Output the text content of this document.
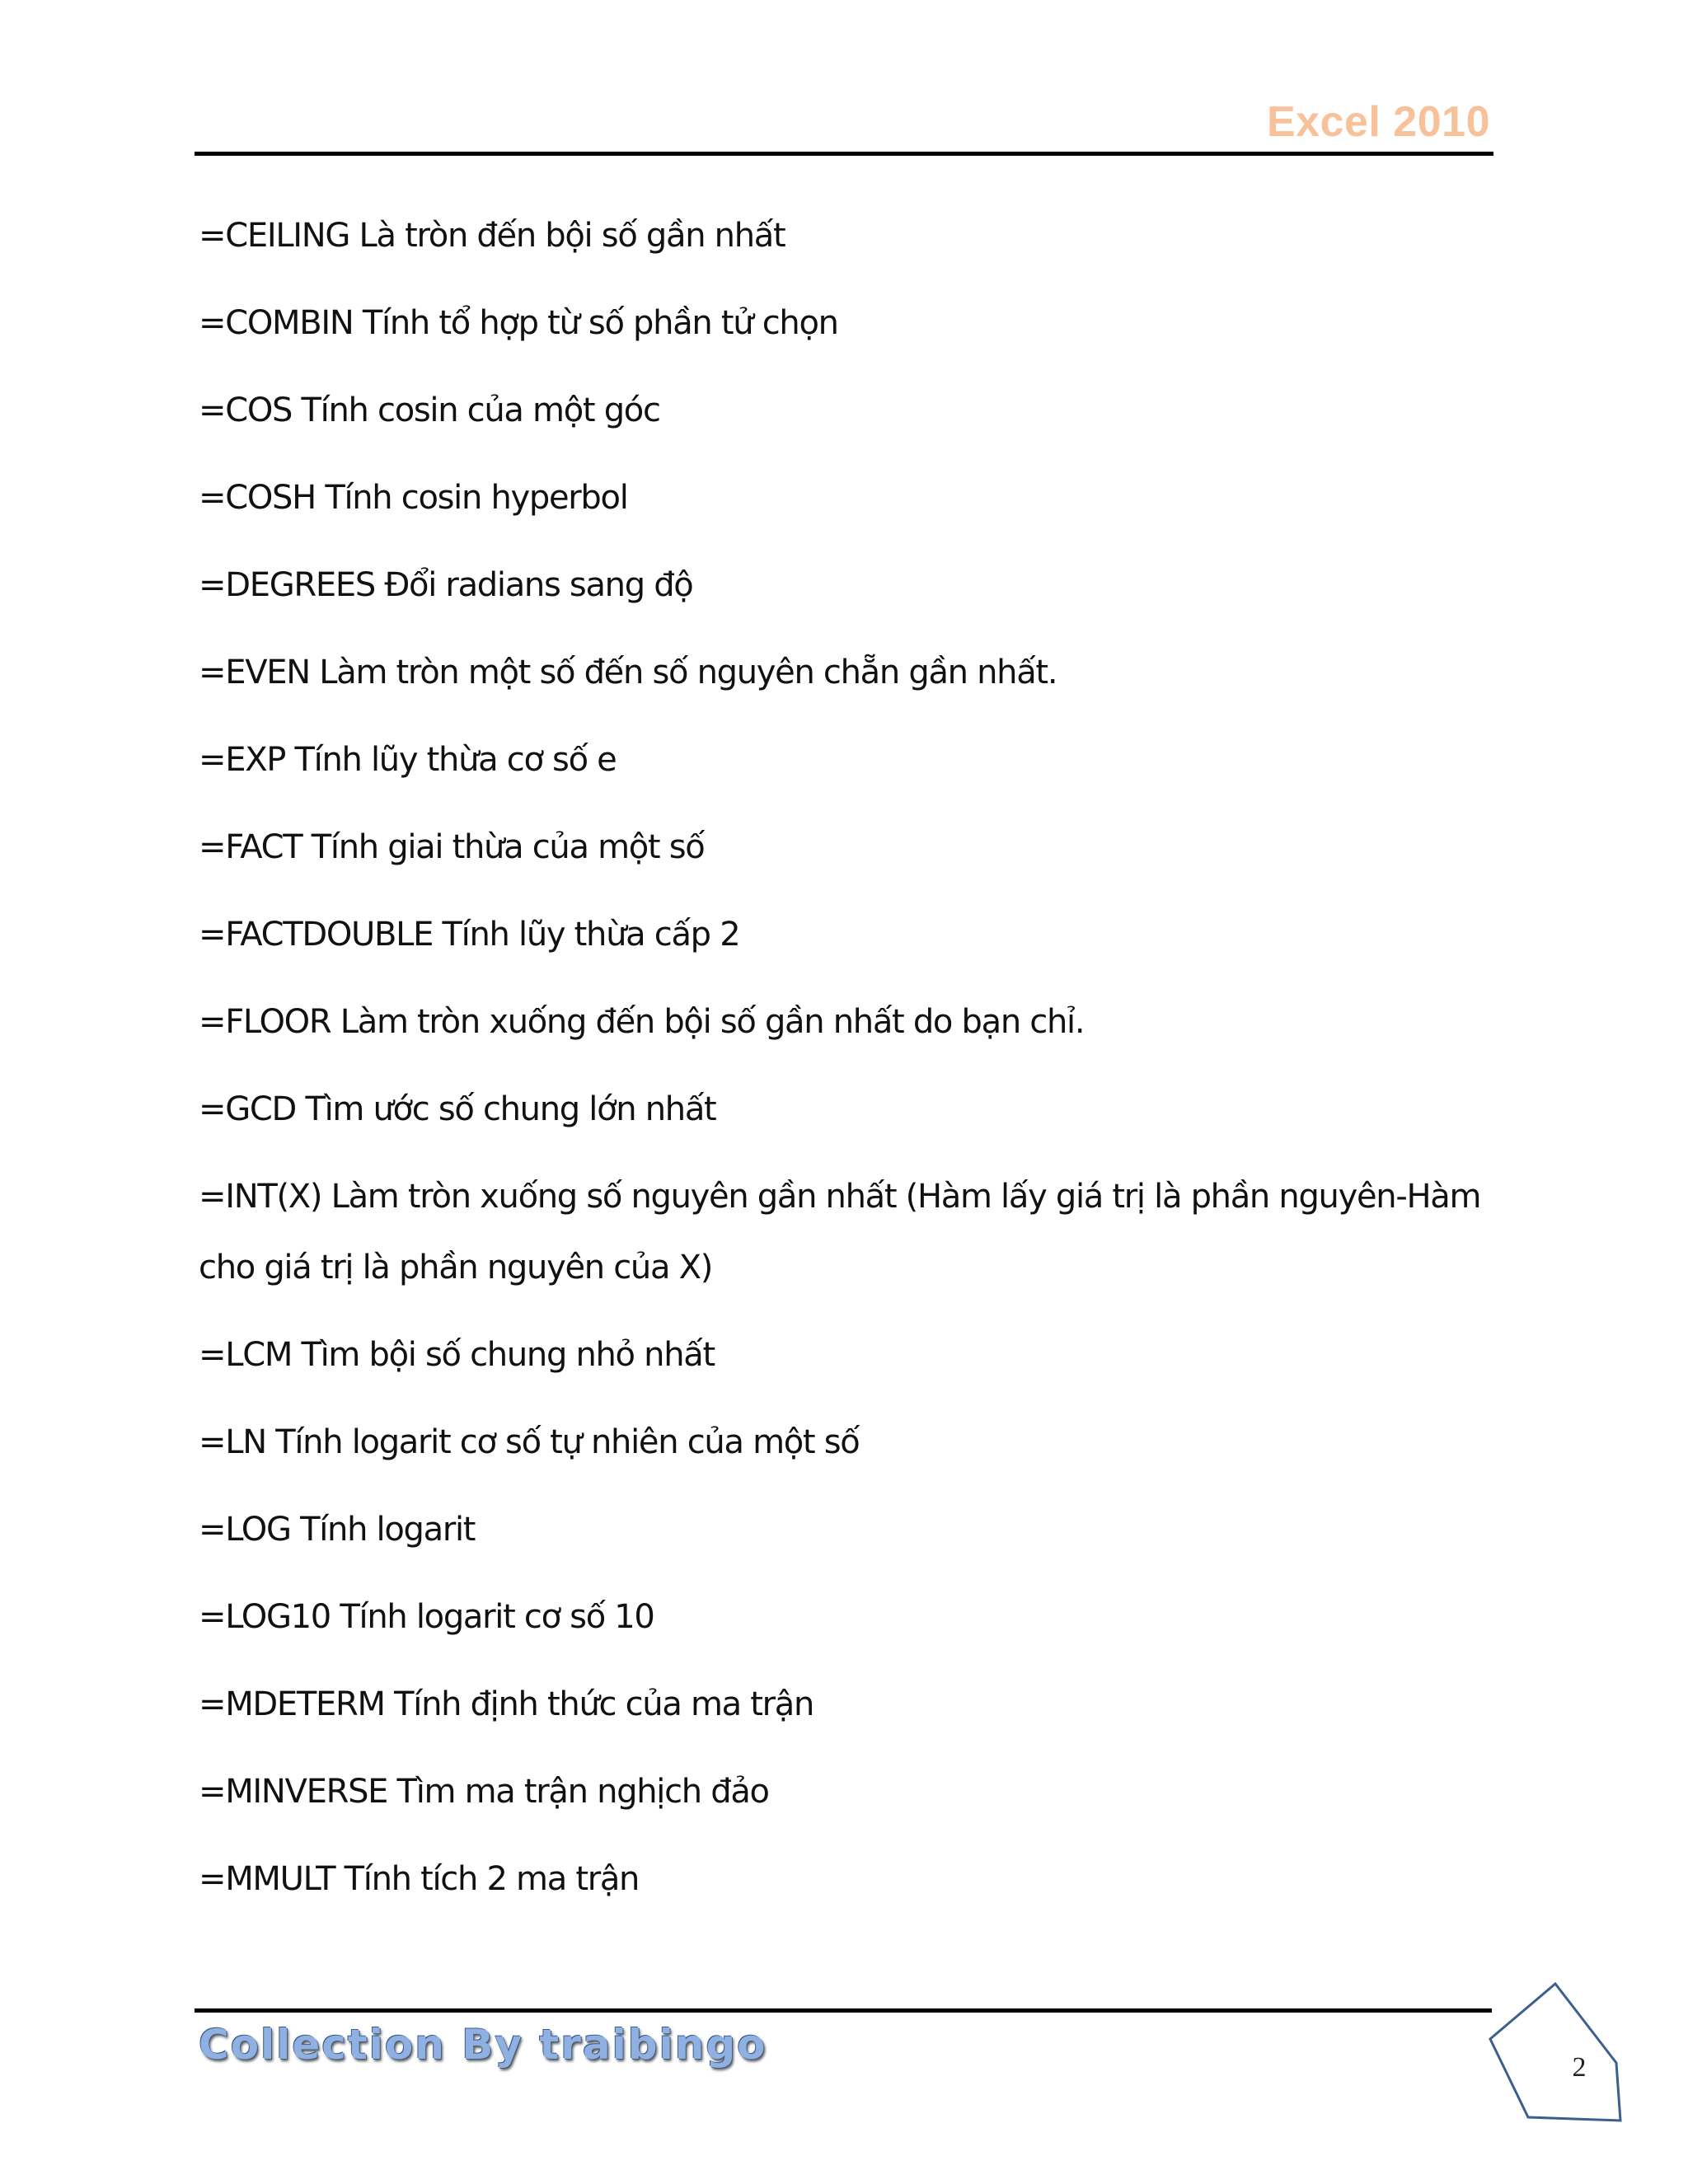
Excel 2010
=CEILING Là tròn đến bội số gần nhất
=COMBIN Tính tổ hợp từ số phần tử chọn
=COS Tính cosin của một góc
=COSH Tính cosin hyperbol
=DEGREES Đổi radians sang độ
=EVEN Làm tròn một số đến số nguyên chẵn gần nhất.
=EXP Tính lũy thừa cơ số e
=FACT Tính giai thừa của một số
=FACTDOUBLE Tính lũy thừa cấp 2
=FLOOR Làm tròn xuống đến bội số gần nhất do bạn chỉ.
=GCD Tìm ước số chung lớn nhất
=INT(X) Làm tròn xuống số nguyên gần nhất (Hàm lấy giá trị là phần nguyên-Hàm cho giá trị là phần nguyên của X)
=LCM Tìm bội số chung nhỏ nhất
=LN Tính logarit cơ số tự nhiên của một số
=LOG Tính logarit
=LOG10 Tính logarit cơ số 10
=MDETERM Tính định thức của ma trận
=MINVERSE Tìm ma trận nghịch đảo
=MMULT Tính tích 2 ma trận
Collection By traibingo	2
